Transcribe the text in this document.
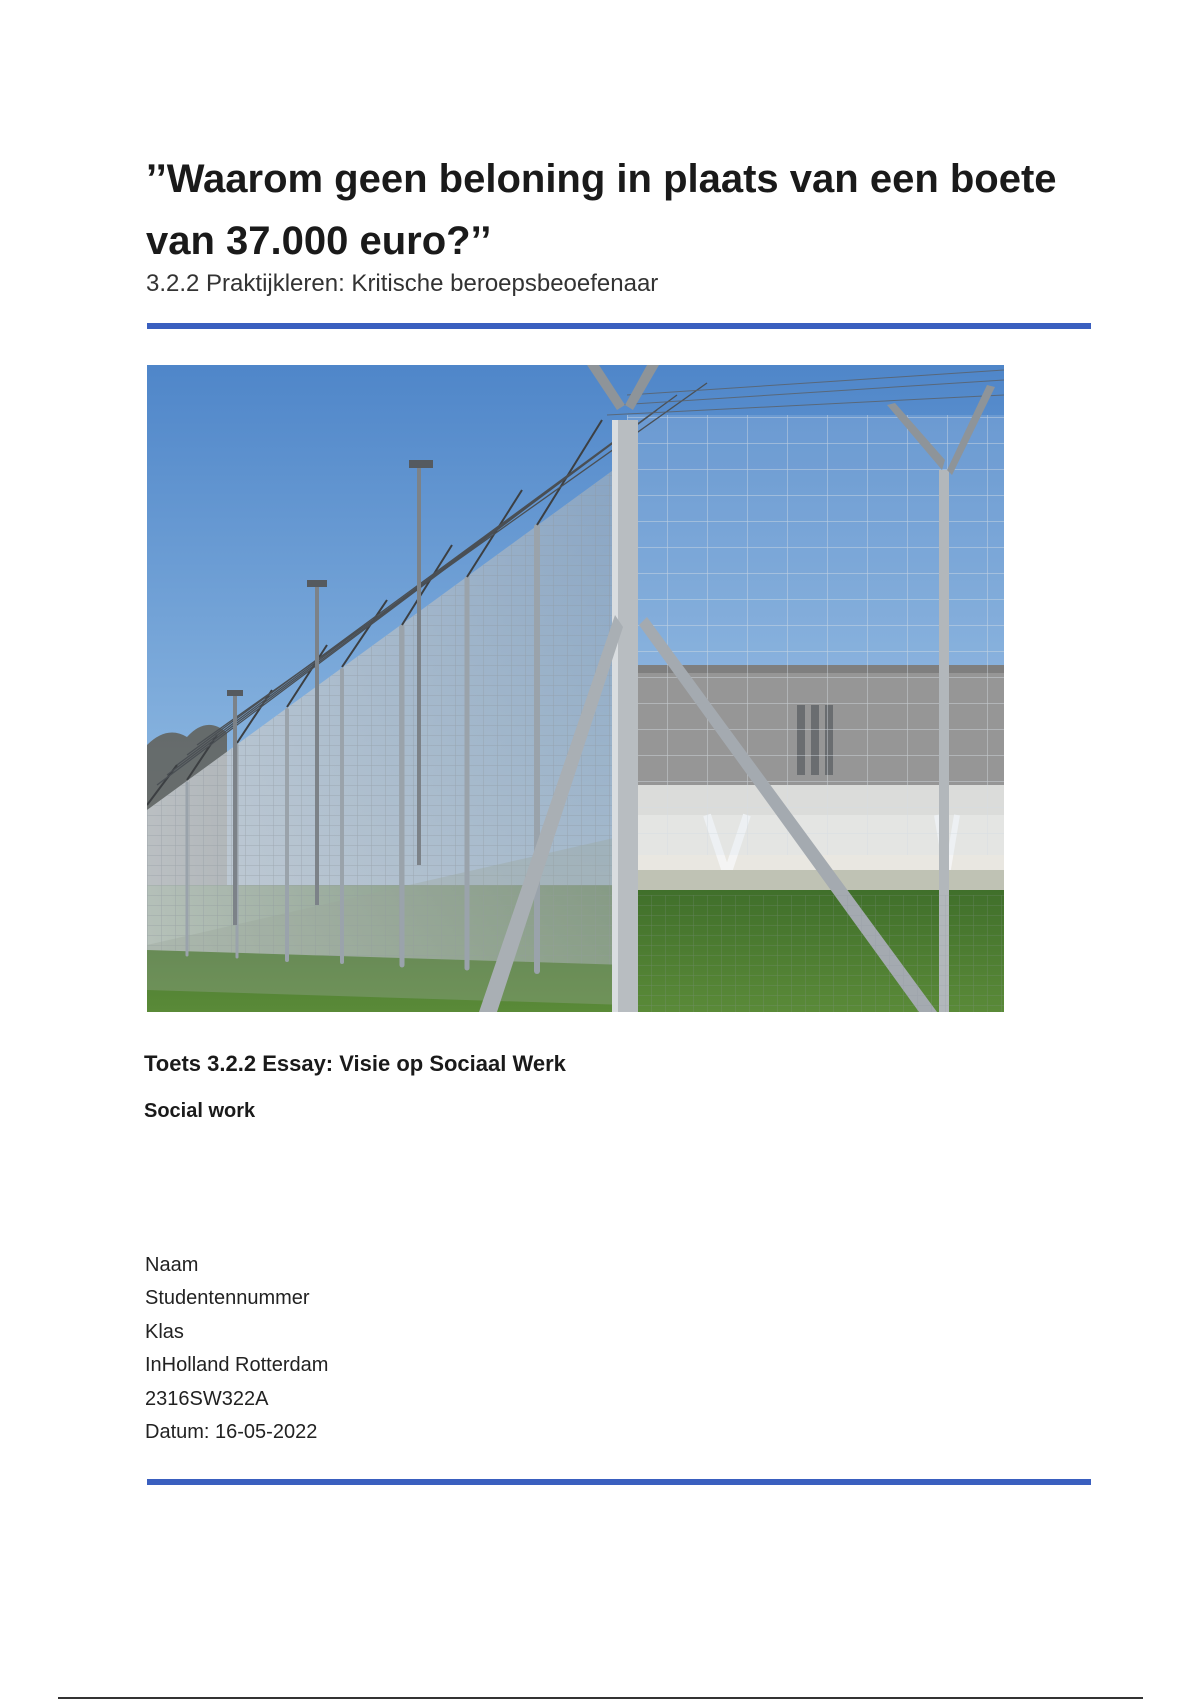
’’Waarom geen beloning in plaats van een boete van 37.000 euro?’’
3.2.2 Praktijkleren: Kritische beroepsbeoefenaar
Toets 3.2.2 Essay: Visie op Sociaal Werk
Social work
Naam
Studentennummer
Klas
InHolland Rotterdam
2316SW322A
Datum: 16-05-2022
